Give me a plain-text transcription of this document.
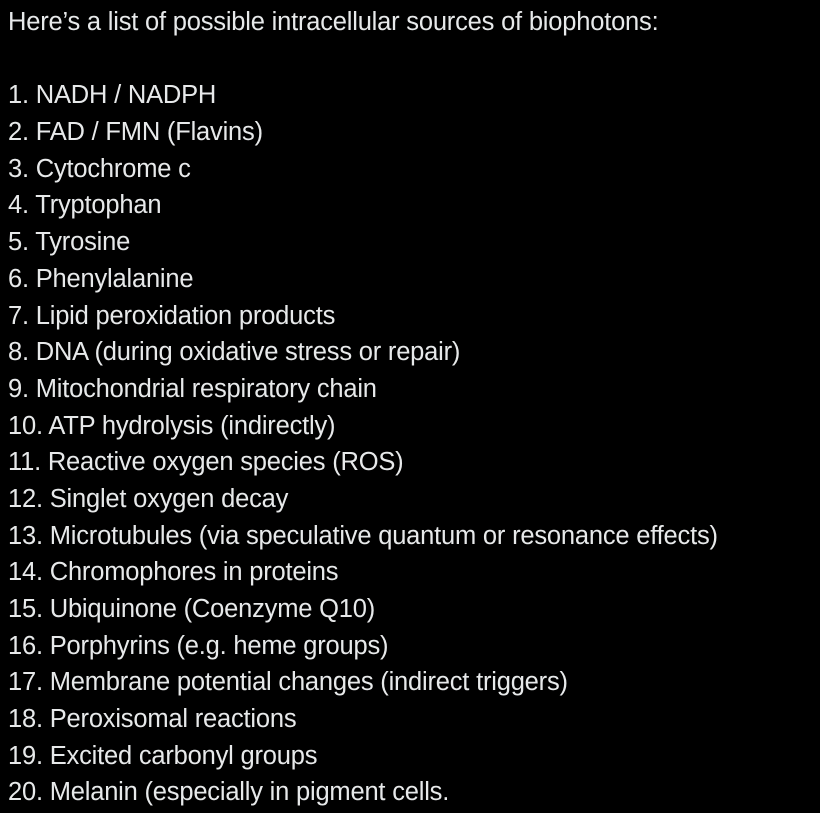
Here’s a list of possible intracellular sources of biophotons:

1. NADH / NADPH
2. FAD / FMN (Flavins)
3. Cytochrome c
4. Tryptophan
5. Tyrosine
6. Phenylalanine
7. Lipid peroxidation products
8. DNA (during oxidative stress or repair)
9. Mitochondrial respiratory chain
10. ATP hydrolysis (indirectly)
11. Reactive oxygen species (ROS)
12. Singlet oxygen decay
13. Microtubules (via speculative quantum or resonance effects)
14. Chromophores in proteins
15. Ubiquinone (Coenzyme Q10)
16. Porphyrins (e.g. heme groups)
17. Membrane potential changes (indirect triggers)
18. Peroxisomal reactions
19. Excited carbonyl groups
20. Melanin (especially in pigment cells.
